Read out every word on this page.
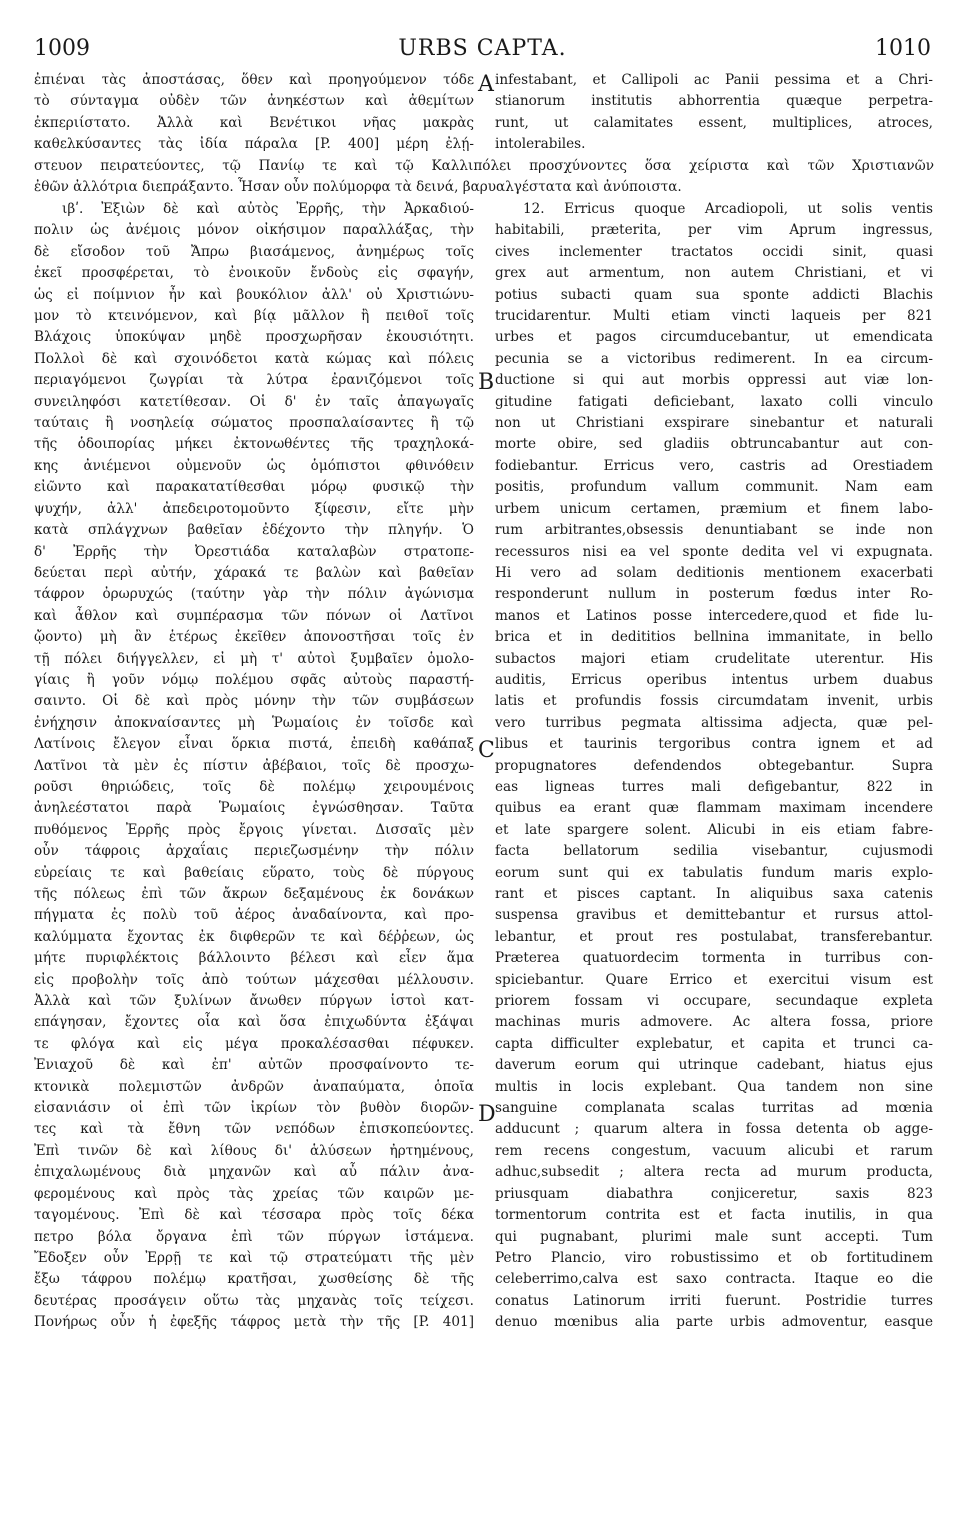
1009	URBS CAPTA.	1010
ἐπιέναι τὰς ἀποστάσας, ὅθεν καὶ προηγούμενον τόδε
τὸ σύνταγμα οὐδὲν τῶν ἀνηκέστων καὶ ἀθεμίτων
ἐκπεριίστατο. Ἀλλὰ καὶ Βενέτικοι νῆας μακρὰς
καθελκύσαντες τὰς ἰδία πάραλα [P. 400] μέρη ἐλῄ-
infestabant, et Callipoli ac Panii pessima et a Chri-
stianorum institutis abhorrentia quæque perpetra-
runt, ut calamitates essent, multiplices, atroces,
intolerabiles.
στευον πειρατεύοντες, τῷ Πανίῳ τε καὶ τῷ Καλλιπόλει προσχύνοντες ὅσα χείριστα καὶ τῶν Χριστιανῶν
ἐθῶν ἀλλότρια διεπράξαντο. Ἦσαν οὖν πολύμορφα τὰ δεινά, βαρυαλγέστατα καὶ ἀνύποιστα.
ιβʹ. Ἐξιὼν δὲ καὶ αὐτὸς Ἐρρῆς, τὴν Ἀρκαδιού-
πολιν ὡς ἀνέμοις μόνον οἰκήσιμον παραλλάξας, τὴν
δὲ εἴσοδον τοῦ Ἄπρω βιασάμενος, ἀνημέρως τοῖς
ἐκεῖ προσφέρεται, τὸ ἐνοικοῦν ἔνδοὺς εἰς σφαγήν,
ὡς εἰ ποίμνιον ἦν καὶ βουκόλιον ἀλλ' οὐ Χριστιώνυ-
μον τὸ κτεινόμενον, καὶ βίᾳ μᾶλλον ἢ πειθοῖ τοῖς
Βλάχοις ὑποκύψαν μηδὲ προσχωρῆσαν ἑκουσιότητι.
Πολλοὶ δὲ καὶ σχοινόδετοι κατὰ κώμας καὶ πόλεις
περιαγόμενοι ζωγρίαι τὰ λύτρα ἐρανιζόμενοι τοῖς
συνειληφόσι κατετίθεσαν. Οἱ δ' ἐν ταῖς ἀπαγωγαῖς
ταύταις ἢ νοσηλείᾳ σώματος προσπαλαίσαντες ἢ τῷ
τῆς ὁδοιπορίας μήκει ἐκτονωθέντες τῆς τραχηλοκά-
κης ἀνιέμενοι οὐμενοῦν ὡς ὁμόπιστοι φθινόθειν
εἰῶντο καὶ παρακατατίθεσθαι μόρῳ φυσικῷ τὴν
ψυχήν, ἀλλ' ἀπεδειροτομοῦντο ξίφεσιν, εἴτε μὴν
κατὰ σπλάγχνων βαθεῖαν ἐδέχοντο τὴν πληγήν. Ὁ
δ' Ἐρρῆς τὴν Ὀρεστιάδα καταλαβὼν στρατοπε-
δεύεται περὶ αὐτήν, χάρακά τε βαλὼν καὶ βαθεῖαν
τάφρον ὀρωρυχώς (ταύτην γὰρ τὴν πόλιν ἀγώνισμα
καὶ ἆθλον καὶ συμπέρασμα τῶν πόνων οἱ Λατῖνοι
ᾤοντο) μὴ ἂν ἑτέρως ἐκεῖθεν ἀπονοστῆσαι τοῖς ἐν
τῇ πόλει διήγγελλεν, εἰ μὴ τ' αὐτοὶ ξυμβαῖεν ὁμολο-
γίαις ἢ γοῦν νόμῳ πολέμου σφᾶς αὐτοὺς παραστή-
σαιντο. Οἱ δὲ καὶ πρὸς μόνην τὴν τῶν συμβάσεων
ἐνήχησιν ἀποκναίσαντες μὴ Ῥωμαίοις ἐν τοῖσδε καὶ
Λατίνοις ἔλεγον εἶναι ὅρκια πιστά, ἐπειδὴ καθάπαξ
Λατῖνοι τὰ μὲν ἐς πίστιν ἀβέβαιοι, τοῖς δὲ προσχω-
ροῦσι θηριώδεις, τοῖς δὲ πολέμῳ χειρουμένοις
ἀνηλεέστατοι παρὰ Ῥωμαίοις ἐγνώσθησαν. Ταῦτα
πυθόμενος Ἐρρῆς πρὸς ἔργοις γίνεται. Δισσαῖς μὲν
οὖν τάφροις ἀρχαΐαις περιεζωσμένην τὴν πόλιν
εὐρείαις τε καὶ βαθείαις εὕρατο, τοὺς δὲ πύργους
τῆς πόλεως ἐπὶ τῶν ἄκρων δεξαμένους ἐκ δονάκων
πήγματα ἐς πολὺ τοῦ ἀέρος ἀναδαίνοντα, καὶ προ-
καλύμματα ἔχοντας ἐκ διφθερῶν τε καὶ δέῤῥεων, ὡς
μήτε πυριφλέκτοις βάλλοιντο βέλεσι καὶ εἶεν ἅμα
εἰς προβολὴν τοῖς ἀπὸ τούτων μάχεσθαι μέλλουσιν.
Ἀλλὰ καὶ τῶν ξυλίνων ἄνωθεν πύργων ἱστοὶ κατ-
επάγησαν, ἔχοντες οἷα καὶ ὅσα ἐπιχωδύντα ἐξάψαι
τε φλόγα καὶ εἰς μέγα προκαλέσασθαι πέφυκεν.
Ἐνιαχοῦ δὲ καὶ ἐπ' αὐτῶν προσφαίνοντο τε-
κτονικὰ πολεμιστῶν ἀνδρῶν ἀναπαύματα, ὁποῖα
εἰσανιάσιν οἱ ἐπὶ τῶν ἰκρίων τὸν βυθὸν διορῶν-
τες καὶ τὰ ἔθνη τῶν νεπόδων ἐπισκοπεύοντες.
Ἐπὶ τινῶν δὲ καὶ λίθους δι' ἁλύσεων ἠρτημένους,
ἐπιχαλωμένους διὰ μηχανῶν καὶ αὖ πάλιν ἀνα-
φερομένους καὶ πρὸς τὰς χρείας τῶν καιρῶν με-
ταγομένους. Ἐπὶ δὲ καὶ τέσσαρα πρὸς τοῖς δέκα
πετρο βόλα ὄργανα ἐπὶ τῶν πύργων ἱστάμενα.
Ἔδοξεν οὖν Ἐρρῇ τε καὶ τῷ στρατεύματι τῆς μὲν
ἔξω τάφρου πολέμῳ κρατῆσαι, χωσθείσης δὲ τῆς
δευτέρας προσάγειν οὕτω τὰς μηχανὰς τοῖς τείχεσι.
Πονήρως οὖν ἡ ἐφεξῆς τάφρος μετὰ τὴν τῆς [P. 401]
12. Erricus quoque Arcadiopoli, ut solis ventis
habitabili, præterita, per vim Aprum ingressus,
cives inclementer tractatos occidi sinit, quasi
grex aut armentum, non autem Christiani, et vi
potius subacti quam sua sponte addicti Blachis
trucidarentur. Multi etiam vincti laqueis per 821
urbes et pagos circumducebantur, ut emendicata
pecunia se a victoribus redimerent. In ea circum-
ductione si qui aut morbis oppressi aut viæ lon-
gitudine fatigati deficiebant, laxato colli vinculo
non ut Christiani exspirare sinebantur et naturali
morte obire, sed gladiis obtruncabantur aut con-
fodiebantur. Erricus vero, castris ad Orestiadem
positis, profundum vallum communit. Nam eam
urbem unicum certamen, præmium et finem labo-
rum arbitrantes,obsessis denuntiabant se inde non
recessuros nisi ea vel sponte dedita vel vi expugnata.
Hi vero ad solam deditionis mentionem exacerbati
responderunt nullum in posterum fœdus inter Ro-
manos et Latinos posse intercedere,quod et fide lu-
brica et in dedititios bellnina immanitate, in bello
subactos majori etiam crudelitate uterentur. His
auditis, Erricus operibus intentus urbem duabus
latis et profundis fossis circumdatam invenit, urbis
vero turribus pegmata altissima adjecta, quæ pel-
libus et taurinis tergoribus contra ignem et ad
propugnatores defendendos obtegebantur. Supra
eas ligneas turres mali defigebantur, 822 in
quibus ea erant quæ flammam maximam incendere
et late spargere solent. Alicubi in eis etiam fabre-
facta bellatorum sedilia visebantur, cujusmodi
eorum sunt qui ex tabulatis fundum maris explo-
rant et pisces captant. In aliquibus saxa catenis
suspensa gravibus et demittebantur et rursus attol-
lebantur, et prout res postulabat, transferebantur.
Præterea quatuordecim tormenta in turribus con-
spiciebantur. Quare Errico et exercitui visum est
priorem fossam vi occupare, secundaque expleta
machinas muris admovere. Ac altera fossa, priore
capta difficulter explebatur, et capita et trunci ca-
daverum eorum qui utrinque cadebant, hiatus ejus
multis in locis explebant. Qua tandem non sine
sanguine complanata scalas turritas ad mœnia
adducunt ; quarum altera in fossa detenta ob agge-
rem recens congestum, vacuum alicubi et rarum
adhuc,subsedit ; altera recta ad murum producta,
priusquam diabathra conjiceretur, saxis 823
tormentorum contrita est et facta inutilis, in qua
qui pugnabant, plurimi male sunt accepti. Tum
Petro Plancio, viro robustissimo et ob fortitudinem
celeberrimo,calva est saxo contracta. Itaque eo die
conatus Latinorum irriti fuerunt. Postridie turres
denuo mœnibus alia parte urbis admoventur, easque
A
B
C
D
